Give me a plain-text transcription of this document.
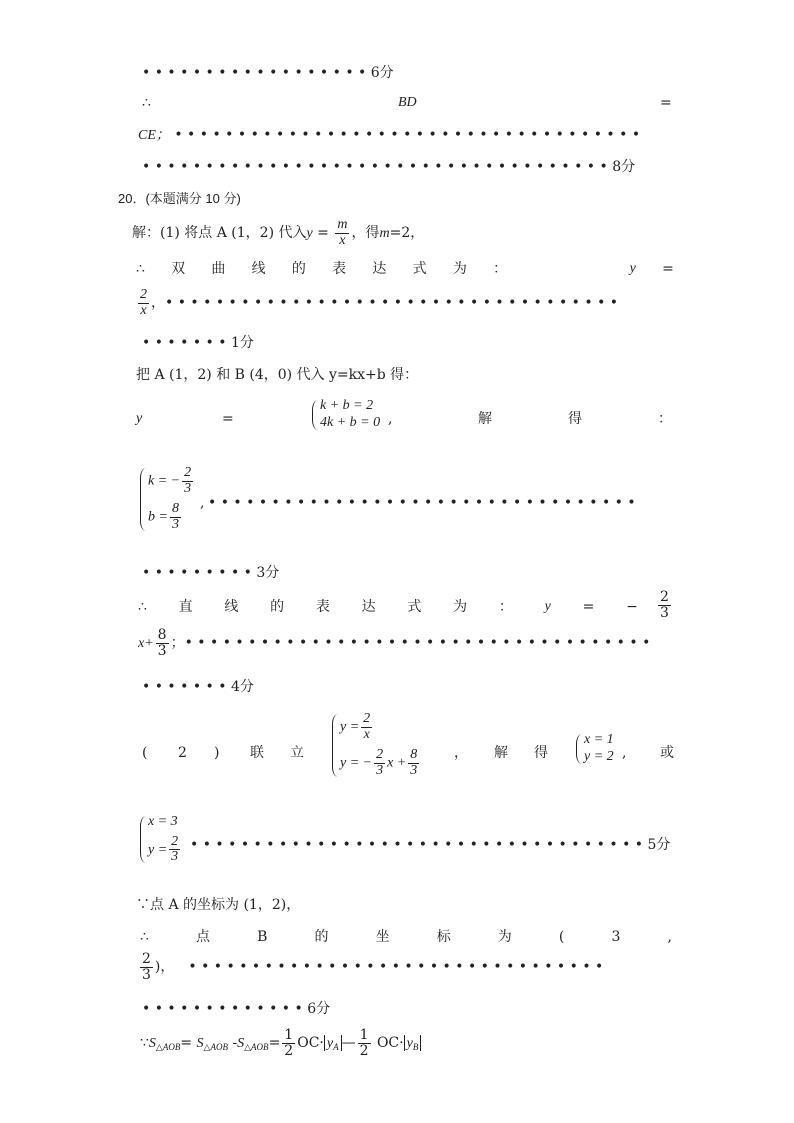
• • • • • • • • • • • • • • • • • • 6分
∴	BD	=
CE； • • • • • • • • • • • • • • • • • • • • • • • • • • • • • • • • • • • • •
• • • • • • • • • • • • • • • • • • • • • • • • • • • • • • • • • • • • • 8分
20．(本题满分 10 分)
解：(1) 将点 A (1，2) 代入$y = \frac{m}{x}$ ，得m=2，
∴ 双 曲 线 的 表 达 式 为 ：	y =
$\frac{2}{x}$ ，• • • • • • • • • • • • • • • • • • • • • • • • • • • • • • • • • • • •
• • • • • • • 1分
把 A (1，2) 和 B (4，0) 代入 y=kx+b 得：
y	=
k + b = 2
4k + b = 0 ,	解	得	：
k = − $\frac{2}{3}$
$b = \frac{8}{3}$ , • • • • • • • • • • • • • • • • • • • • • • • • • • • • • • • • • •
• • • • • • • • • 3分
∴ 直 线 的 表 达 式 为 ： y = − $\frac{2}{3}$
$x+ \frac{8}{3}$ ；• • • • • • • • • • • • • • • • • • • • • • • • • • • • • • • • • • • • •
• • • • • • • 4分
( 2 ) 联 立
$y = \frac{2}{x}$
y = − $\frac{2}{3}$ $x + \frac{8}{3}$ ， 解 得
x = 1
y = 2 , 或
x = 3
$y = \frac{2}{3}$ • • • • • • • • • • • • • • • • • • • • • • • • • • • • • • • • • • • • 5分
∵点 A 的坐标为 (1，2)，
∴	点	B	的	坐	标	为	(	3	,
$\frac{2}{3}$ )， • • • • • • • • • • • • • • • • • • • • • • • • • • • • • • • • •
• • • • • • • • • • • • • 6分
$\because S_{\triangle AOB}= S_{\triangle AOB}$ $-S_{\triangle AOB}= \frac{1}{2} OC\cdot y_A$ — $\frac{1}{2} OC\cdot y_B$
